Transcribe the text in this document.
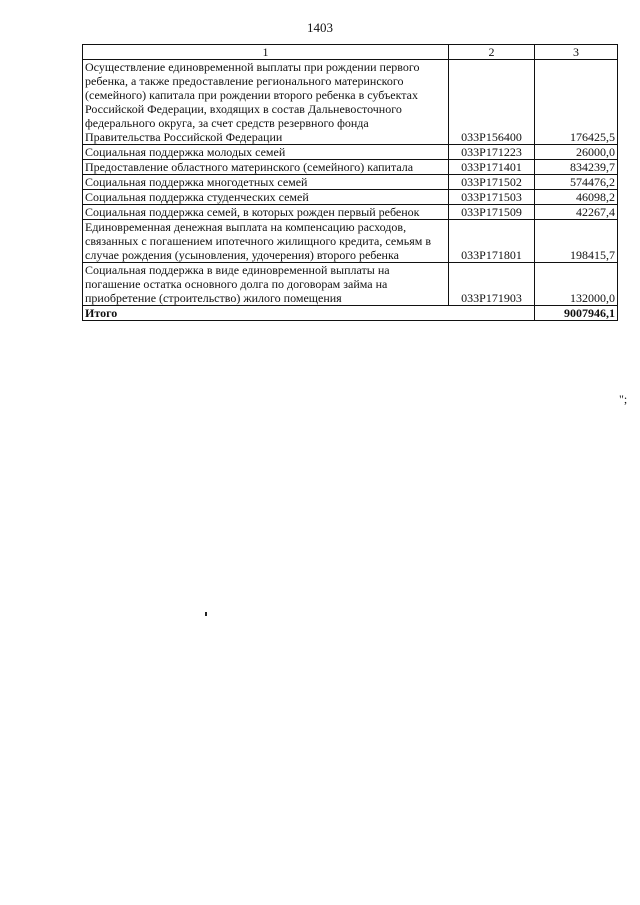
1403
1	2	3
Осуществление единовременной выплаты при рождении первого ребенка, а также предоставление регионального материнского (семейного) капитала при рождении второго ребенка в субъектах Российской Федерации, входящих в состав Дальневосточного федерального округа, за счет средств резервного фонда Правительства Российской Федерации	033P156400	176425,5
Социальная поддержка молодых семей	033P171223	26000,0
Предоставление областного материнского (семейного) капитала	033P171401	834239,7
Социальная поддержка многодетных семей	033P171502	574476,2
Социальная поддержка студенческих семей	033P171503	46098,2
Социальная поддержка семей, в которых рожден первый ребенок	033P171509	42267,4
Единовременная денежная выплата на компенсацию расходов, связанных с погашением ипотечного жилищного кредита, семьям в случае рождения (усыновления, удочерения) второго ребенка	033P171801	198415,7
Социальная поддержка в виде единовременной выплаты на погашение остатка основного долга по договорам займа на приобретение (строительство) жилого помещения	033P171903	132000,0
Итого		9007946,1
";
